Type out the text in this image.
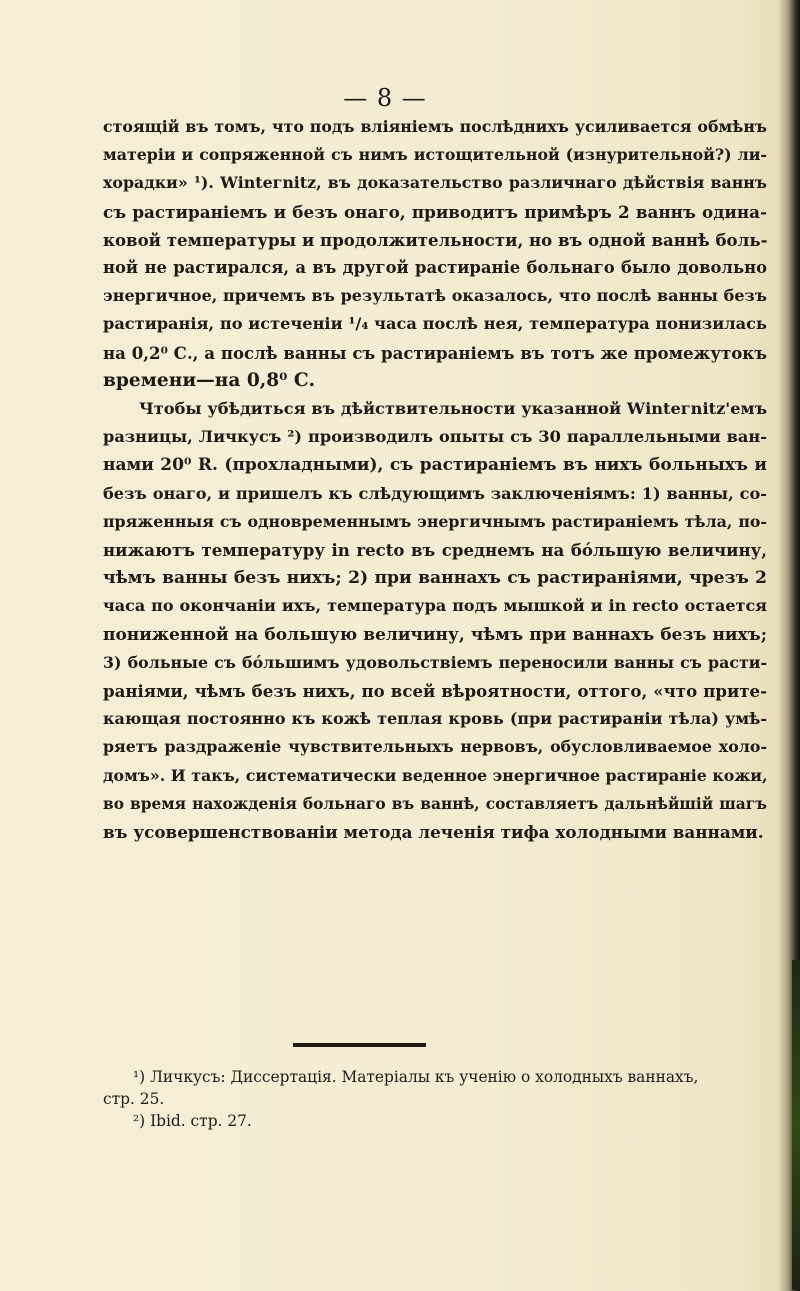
— 8 —
стоящій въ томъ, что подъ вліяніемъ послѣднихъ усиливается обмѣнъ
матеріи и сопряженной съ нимъ истощительной (изнурительной?) ли-
хорадки» ¹). Wіntегnіtz, въ доказательство различнаго дѣйствія ваннъ
съ растираніемъ и безъ онаго, приводитъ примѣръ 2 ваннъ одина-
ковой температуры и продолжительности, но въ одной ваннѣ боль-
ной не растирался, а въ другой растираніе больнаго было довольно
энергичное, причемъ въ результатѣ оказалось, что послѣ ванны безъ
растиранія, по истеченіи ¹/₄ часа послѣ нея, температура понизилась
на 0,2⁰ С., а послѣ ванны съ растираніемъ въ тотъ же промежутокъ
времени—на 0,8⁰ С.
Чтобы убѣдиться въ дѣйствительности указанной Wіntегnіtz'емъ
разницы, Личкусъ ²) производилъ опыты съ 30 параллельными ван-
нами 20⁰ R. (прохладными), съ растираніемъ въ нихъ больныхъ и
безъ онаго, и пришелъ къ слѣдующимъ заключеніямъ: 1) ванны, со-
пряженныя съ одновременнымъ энергичнымъ растираніемъ тѣла, по-
нижаютъ температуру in recto въ среднемъ на бóльшую величину,
чѣмъ ванны безъ нихъ; 2) при ваннахъ съ растираніями, чрезъ 2
часа по окончаніи ихъ, температура подъ мышкой и in recto остается
пониженной на большую величину, чѣмъ при ваннахъ безъ нихъ;
3) больные съ бóльшимъ удовольствіемъ переносили ванны съ расти-
раніями, чѣмъ безъ нихъ, по всей вѣроятности, оттого, «что прите-
кающая постоянно къ кожѣ теплая кровь (при растираніи тѣла) умѣ-
ряетъ раздраженіе чувствительныхъ нервовъ, обусловливаемое холо-
домъ». И такъ, систематически веденное энергичное растираніе кожи,
во время нахожденія больнаго въ ваннѣ, составляетъ дальнѣйшій шагъ
въ усовершенствованіи метода леченія тифа холодными ваннами.
¹) Личкусъ: Диссертація. Матеріалы къ ученію о холодныхъ ваннахъ,
стр. 25.
²) Ibid. стр. 27.
